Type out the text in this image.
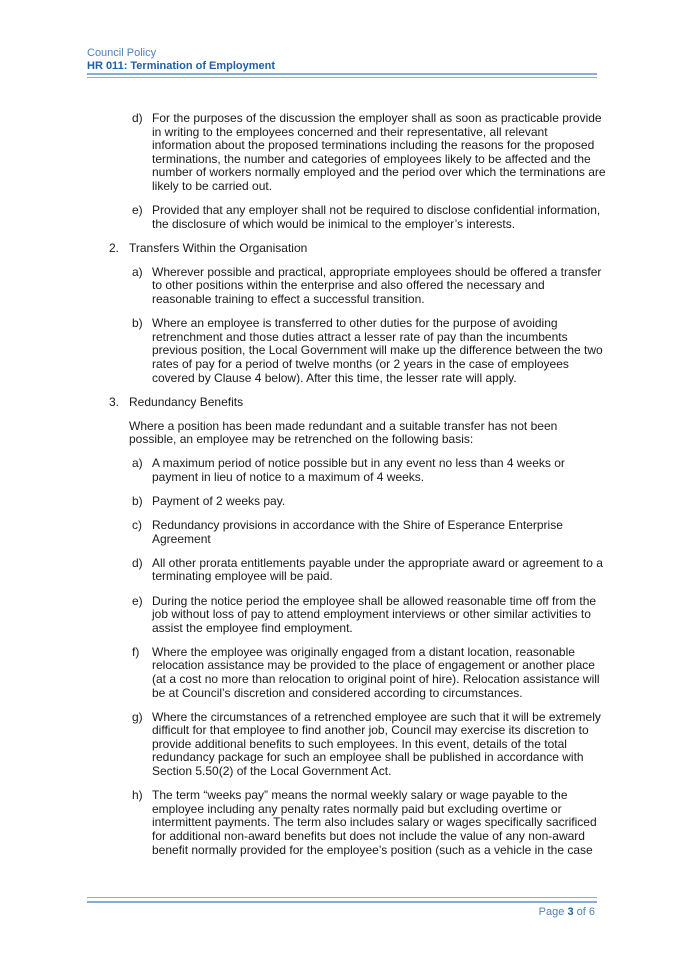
Council Policy
HR 011: Termination of Employment
d) For the purposes of the discussion the employer shall as soon as practicable provide in writing to the employees concerned and their representative, all relevant information about the proposed terminations including the reasons for the proposed terminations, the number and categories of employees likely to be affected and the number of workers normally employed and the period over which the terminations are likely to be carried out.
e) Provided that any employer shall not be required to disclose confidential information, the disclosure of which would be inimical to the employer’s interests.
2. Transfers Within the Organisation
a) Wherever possible and practical, appropriate employees should be offered a transfer to other positions within the enterprise and also offered the necessary and reasonable training to effect a successful transition.
b) Where an employee is transferred to other duties for the purpose of avoiding retrenchment and those duties attract a lesser rate of pay than the incumbents previous position, the Local Government will make up the difference between the two rates of pay for a period of twelve months (or 2 years in the case of employees covered by Clause 4 below). After this time, the lesser rate will apply.
3. Redundancy Benefits
Where a position has been made redundant and a suitable transfer has not been possible, an employee may be retrenched on the following basis:
a) A maximum period of notice possible but in any event no less than 4 weeks or payment in lieu of notice to a maximum of 4 weeks.
b) Payment of 2 weeks pay.
c) Redundancy provisions in accordance with the Shire of Esperance Enterprise Agreement
d) All other prorata entitlements payable under the appropriate award or agreement to a terminating employee will be paid.
e) During the notice period the employee shall be allowed reasonable time off from the job without loss of pay to attend employment interviews or other similar activities to assist the employee find employment.
f)	Where the employee was originally engaged from a distant location, reasonable relocation assistance may be provided to the place of engagement or another place (at a cost no more than relocation to original point of hire). Relocation assistance will be at Council’s discretion and considered according to circumstances.
g) Where the circumstances of a retrenched employee are such that it will be extremely difficult for that employee to find another job, Council may exercise its discretion to provide additional benefits to such employees. In this event, details of the total redundancy package for such an employee shall be published in accordance with Section 5.50(2) of the Local Government Act.
h) The term “weeks pay” means the normal weekly salary or wage payable to the employee including any penalty rates normally paid but excluding overtime or intermittent payments. The term also includes salary or wages specifically sacrificed for additional non-award benefits but does not include the value of any non-award benefit normally provided for the employee’s position (such as a vehicle in the case
Page 3 of 6
